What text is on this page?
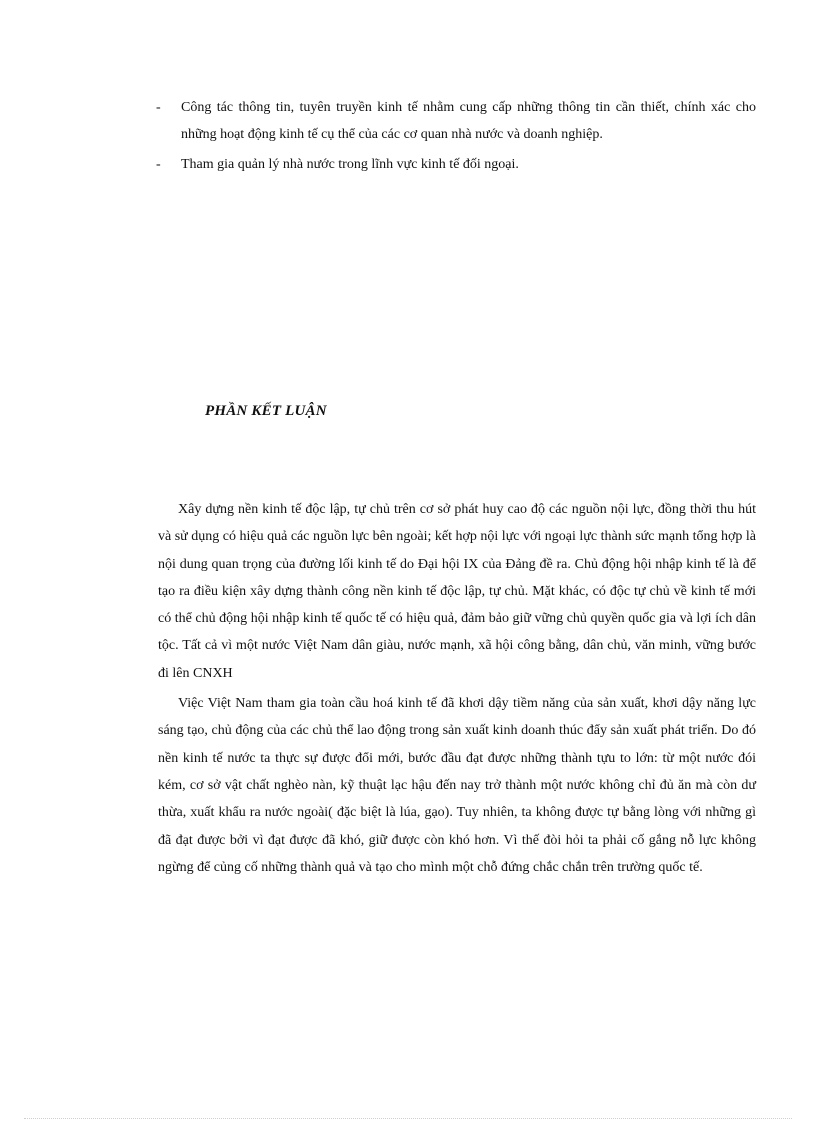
-	Công tác thông tin, tuyên truyền kinh tế nhằm cung cấp những thông tin cần thiết, chính xác cho những hoạt động kinh tế cụ thể của các cơ quan nhà nước và doanh nghiệp.
-	Tham gia quản lý nhà nước trong lĩnh vực kinh tế đối ngoại.
PHẦN KẾT LUẬN

Xây dựng nền kinh tế độc lập, tự chủ trên cơ sở phát huy cao độ các nguồn nội lực, đồng thời thu hút và sử dụng có hiệu quả các nguồn lực bên ngoài; kết hợp nội lực với ngoại lực thành sức mạnh tổng hợp là nội dung quan trọng của đường lối kinh tế do Đại hội IX của Đảng đề ra. Chủ động hội nhập kinh tế là để tạo ra điều kiện xây dựng thành công nền kinh tế độc lập, tự chủ. Mặt khác, có độc tự chủ về kinh tế mới có thể chủ động hội nhập kinh tế quốc tế có hiệu quả, đảm bảo giữ vững chủ quyền quốc gia và lợi ích dân tộc. Tất cả vì một nước Việt Nam dân giàu, nước mạnh, xã hội công bằng, dân chủ, văn minh, vững bước đi lên CNXH

Việc Việt Nam tham gia toàn cầu hoá kinh tế đã khơi dậy tiềm năng của sản xuất, khơi dậy năng lực sáng tạo, chủ động của các chủ thể lao động trong sản xuất kinh doanh thúc đẩy sản xuất phát triển. Do đó nền kinh tế nước ta thực sự được đổi mới, bước đầu đạt được những thành tựu to lớn: từ một nước đói kém, cơ sở vật chất nghèo nàn, kỹ thuật lạc hậu đến nay trở thành một nước không chỉ đủ ăn mà còn dư thừa, xuất khẩu ra nước ngoài( đặc biệt là lúa, gạo). Tuy nhiên, ta không được tự bằng lòng với những gì đã đạt được bởi vì đạt được đã khó, giữ được còn khó hơn. Vì thế đòi hỏi ta phải cố gắng nỗ lực không ngừng để củng cố những thành quả và tạo cho mình một chỗ đứng chắc chắn trên trường quốc tế.
